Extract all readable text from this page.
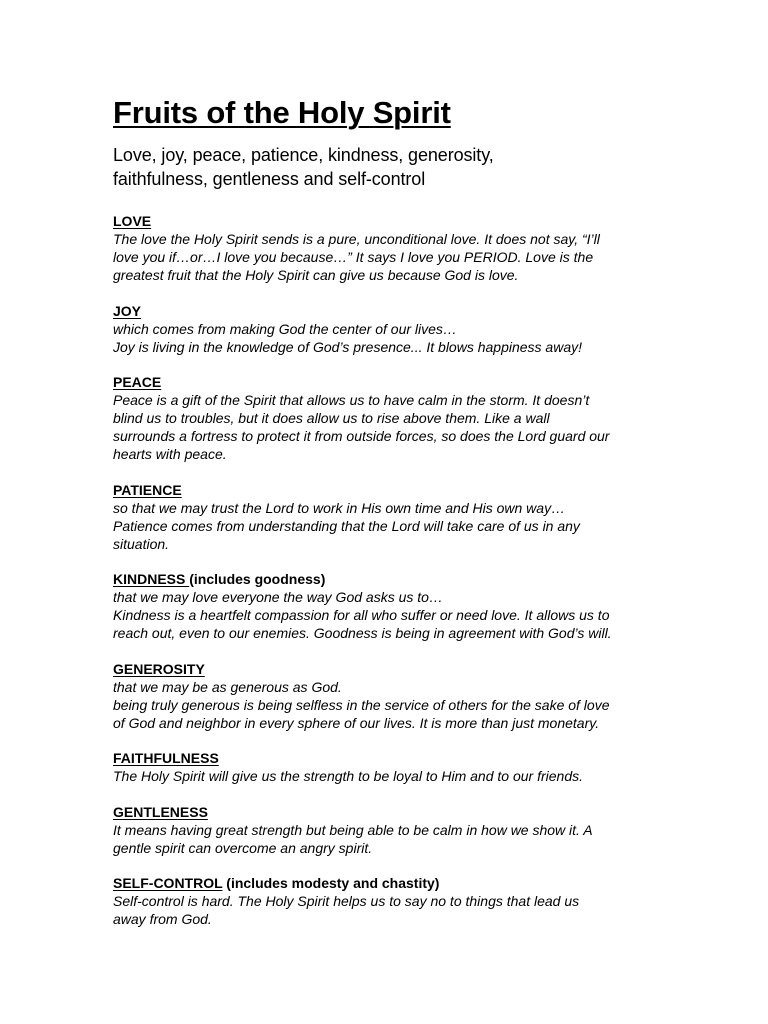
Fruits of the Holy Spirit

Love, joy, peace, patience, kindness, generosity,
faithfulness, gentleness and self-control

LOVE

The love the Holy Spirit sends is a pure, unconditional love. It does not say, “I’ll
love you if…or…I love you because…” It says I love you PERIOD. Love is the
greatest fruit that the Holy Spirit can give us because God is love.

JOY

which comes from making God the center of our lives…
Joy is living in the knowledge of God’s presence... It blows happiness away!

PEACE

Peace is a gift of the Spirit that allows us to have calm in the storm. It doesn’t
blind us to troubles, but it does allow us to rise above them. Like a wall
surrounds a fortress to protect it from outside forces, so does the Lord guard our
hearts with peace.

PATIENCE

so that we may trust the Lord to work in His own time and His own way…
Patience comes from understanding that the Lord will take care of us in any
situation.

KINDNESS (includes goodness)

that we may love everyone the way God asks us to…
Kindness is a heartfelt compassion for all who suffer or need love. It allows us to
reach out, even to our enemies. Goodness is being in agreement with God’s will.

GENEROSITY

that we may be as generous as God.
being truly generous is being selfless in the service of others for the sake of love
of God and neighbor in every sphere of our lives. It is more than just monetary.

FAITHFULNESS

The Holy Spirit will give us the strength to be loyal to Him and to our friends.

GENTLENESS

It means having great strength but being able to be calm in how we show it. A
gentle spirit can overcome an angry spirit.

SELF-CONTROL (includes modesty and chastity)

Self-control is hard. The Holy Spirit helps us to say no to things that lead us
away from God.
